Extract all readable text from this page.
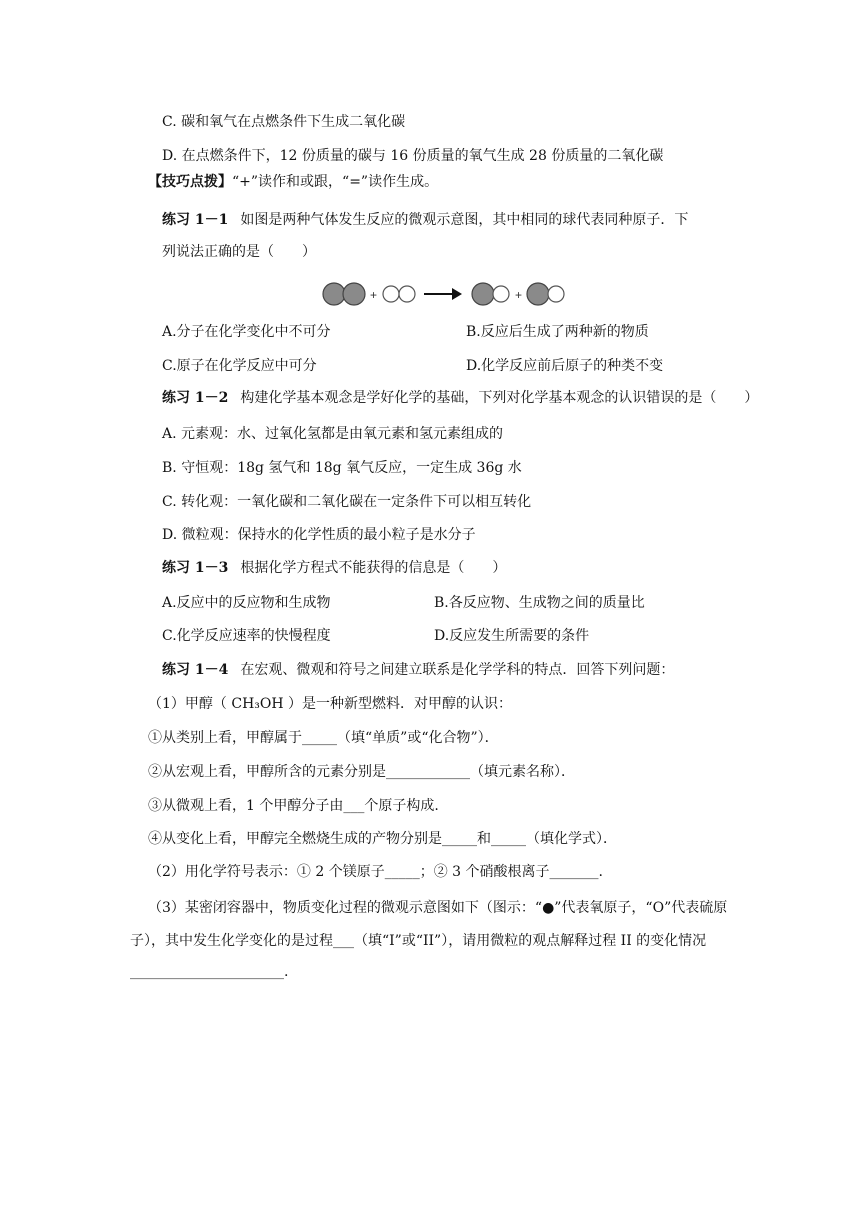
C. 碳和氧气在点燃条件下生成二氧化碳
D. 在点燃条件下，12 份质量的碳与 16 份质量的氧气生成 28 份质量的二氧化碳
【技巧点拨】“+”读作和或跟，“=”读作生成。
练习 1－1 如图是两种气体发生反应的微观示意图，其中相同的球代表同种原子．下
列说法正确的是（　　）
+	+
A.分子在化学变化中不可分	B.反应后生成了两种新的物质
C.原子在化学反应中可分	D.化学反应前后原子的种类不变
练习 1－2 构建化学基本观念是学好化学的基础，下列对化学基本观念的认识错误的是（　　）
A. 元素观：水、过氧化氢都是由氧元素和氢元素组成的
B. 守恒观：18g 氢气和 18g 氧气反应，一定生成 36g 水
C. 转化观：一氧化碳和二氧化碳在一定条件下可以相互转化
D. 微粒观：保持水的化学性质的最小粒子是水分子
练习 1－3 根据化学方程式不能获得的信息是（　　）
A.反应中的反应物和生成物	B.各反应物、生成物之间的质量比
C.化学反应速率的快慢程度	D.反应发生所需要的条件
练习 1－4 在宏观、微观和符号之间建立联系是化学学科的特点．回答下列问题：
（1）甲醇（ CH₃OH ）是一种新型燃料．对甲醇的认识：
①从类别上看，甲醇属于_____（填“单质”或“化合物”）．
②从宏观上看，甲醇所含的元素分别是____________（填元素名称）．
③从微观上看，1 个甲醇分子由___个原子构成.
④从变化上看，甲醇完全燃烧生成的产物分别是_____和_____（填化学式）．
（2）用化学符号表示：① 2 个镁原子_____；② 3 个硝酸根离子_______.
（3）某密闭容器中，物质变化过程的微观示意图如下（图示：“●”代表氧原子，“O”代表硫原
子），其中发生化学变化的是过程___（填“I”或“II”），请用微粒的观点解释过程 II 的变化情况
______________________.
